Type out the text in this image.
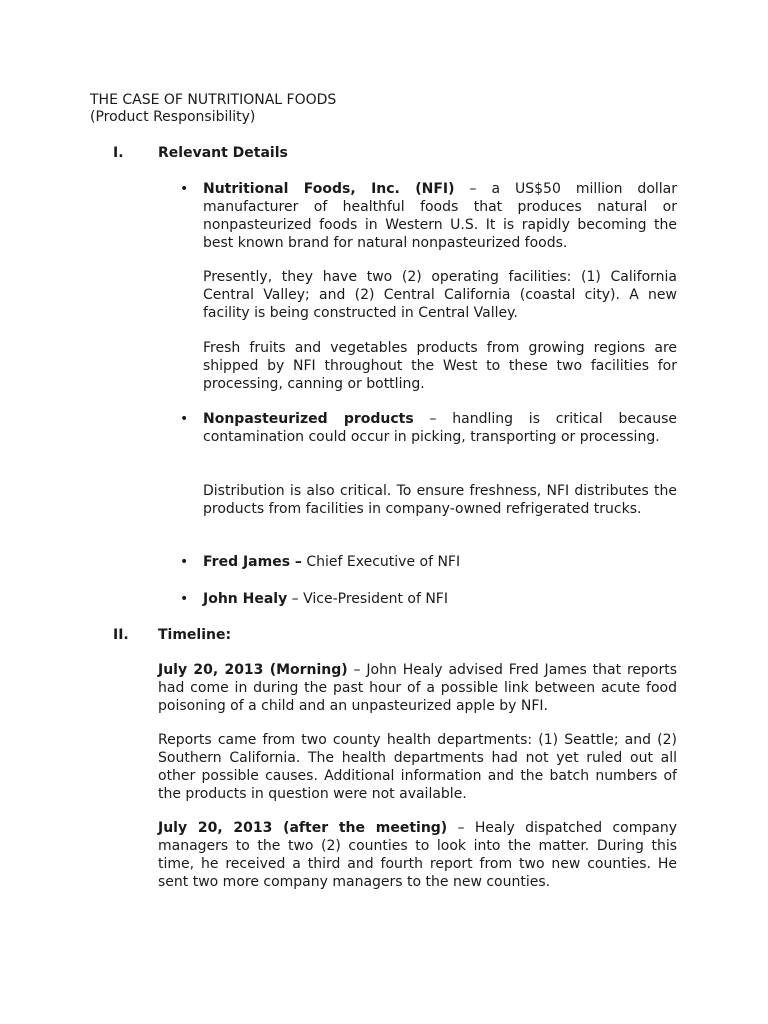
THE CASE OF NUTRITIONAL FOODS

(Product Responsibility)

I. Relevant Details
• Nutritional Foods, Inc. (NFI) – a US$50 million dollar manufacturer of healthful foods that produces natural or nonpasteurized foods in Western U.S. It is rapidly becoming the best known brand for natural nonpasteurized foods.

Presently, they have two (2) operating facilities: (1) California Central Valley; and (2) Central California (coastal city). A new facility is being constructed in Central Valley.

Fresh fruits and vegetables products from growing regions are shipped by NFI throughout the West to these two facilities for processing, canning or bottling.

• Nonpasteurized products – handling is critical because contamination could occur in picking, transporting or processing.

Distribution is also critical. To ensure freshness, NFI distributes the products from facilities in company-owned refrigerated trucks.

• Fred James – Chief Executive of NFI

• John Healy – Vice-President of NFI

II. Timeline:

July 20, 2013 (Morning) – John Healy advised Fred James that reports had come in during the past hour of a possible link between acute food poisoning of a child and an unpasteurized apple by NFI.

Reports came from two county health departments: (1) Seattle; and (2) Southern California. The health departments had not yet ruled out all other possible causes. Additional information and the batch numbers of the products in question were not available.

July 20, 2013 (after the meeting) – Healy dispatched company managers to the two (2) counties to look into the matter. During this time, he received a third and fourth report from two new counties. He sent two more company managers to the new counties.
